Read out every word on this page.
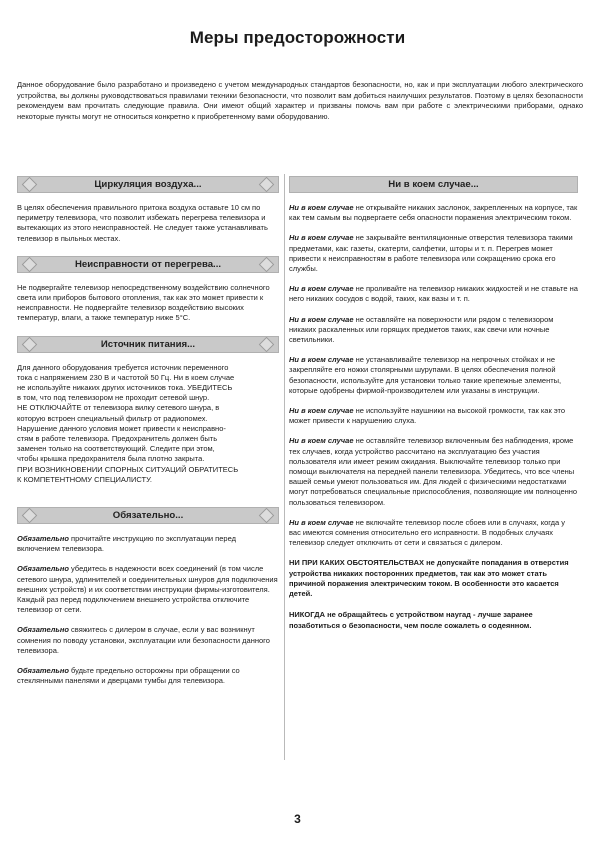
Меры предосторожности
Данное оборудование было разработано и произведено с учетом международных стандартов безопасности, но, как и при эксплуатации любого электрического устройства, вы должны руководствоваться правилами техники безопасности, что позволит вам добиться наилучших результатов. Поэтому в целях безопасности рекомендуем вам прочитать следующие правила. Они имеют общий характер и призваны помочь вам при работе с электрическими приборами, однако некоторые пункты могут не относиться конкретно к приобретенному вами оборудованию.
Циркуляция воздуха...
В целях обеспечения правильного притока воздуха оставьте 10 см по периметру телевизора, что позволит избежать перегрева телевизора и вытекающих из этого неисправностей. Не следует также устанавливать телевизор в пыльных местах.
Неисправности от перегрева...
Не подвергайте телевизор непосредственному воздействию солнечного света или приборов бытового отопления, так как это может привести к неисправности. Не подвергайте телевизор воздействию высоких температур, влаги, а также температур ниже 5°C.
Источник питания...
Для данного оборудования требуется источник переменного
тока с напряжением 230 В и частотой 50 Гц. Ни в коем случае
не используйте никаких других источников тока. УБЕДИТЕСЬ
в том, что под телевизором не проходит сетевой шнур.
НЕ ОТКЛЮЧАЙТЕ от телевизора вилку сетевого шнура, в
которую встроен специальный фильтр от радиопомех.
Нарушение данного условия может привести к неисправно-
стям в работе телевизора. Предохранитель должен быть
заменен только на соответствующий. Следите при этом,
чтобы крышка предохранителя была плотно закрыта.
ПРИ ВОЗНИКНОВЕНИИ СПОРНЫХ СИТУАЦИЙ ОБРАТИТЕСЬ
К КОМПЕТЕНТНОМУ СПЕЦИАЛИСТУ.
Обязательно...
Обязательно прочитайте инструкцию по эксплуатации перед включением телевизора.
Обязательно убедитесь в надежности всех соединений (в том числе сетевого шнура, удлинителей и соединительных шнуров для подключения внешних устройств) и их соответствии инструкции фирмы-изготовителя. Каждый раз перед подключением внешнего устройства отключите телевизор от сети.
Обязательно свяжитесь с дилером в случае, если у вас возникнут сомнения по поводу установки, эксплуатации или безопасности данного телевизора.
Обязательно будьте предельно осторожны при обращении со стеклянными панелями и дверцами тумбы для телевизора.
Ни в коем случае...
Ни в коем случае не открывайте никаких заслонок, закрепленных на корпусе, так как тем самым вы подвергаете себя опасности поражения электрическим током.
Ни в коем случае не закрывайте вентиляционные отверстия телевизора такими предметами, как: газеты, скатерти, салфетки, шторы и т. п. Перегрев может привести к неисправностям в работе телевизора или сокращению срока его службы.
Ни в коем случае не проливайте на телевизор никаких жидкостей и не ставьте на него никаких сосудов с водой, таких, как вазы и т. п.
Ни в коем случае не оставляйте на поверхности или рядом с телевизором никаких раскаленных или горящих предметов таких, как свечи или ночные светильники.
Ни в коем случае не устанавливайте телевизор на непрочных стойках и не закрепляйте его ножки столярными шурупами. В целях обеспечения полной безопасности, используйте для установки только такие крепежные элементы, которые одобрены фирмой-производителем или указаны в инструкции.
Ни в коем случае не используйте наушники на высокой громкости, так как это может привести к нарушению слуха.
Ни в коем случае не оставляйте телевизор включенным без наблюдения, кроме тех случаев, когда устройство рассчитано на эксплуатацию без участия пользователя или имеет режим ожидания. Выключайте телевизор только при помощи выключателя на передней панели телевизора. Убедитесь, что все члены вашей семьи умеют пользоваться им. Для людей с физическими недостатками могут потребоваться специальные приспособления, позволяющие им полноценно пользоваться телевизором.
Ни в коем случае не включайте телевизор после сбоев или в случаях, когда у вас имеются сомнения относительно его исправности. В подобных случаях телевизор следует отключить от сети и связаться с дилером.
НИ ПРИ КАКИХ ОБСТОЯТЕЛЬСТВАХ не допускайте попадания в отверстия устройства никаких посторонних предметов, так как это может стать причиной поражения электрическим током. В особенности это касается детей.
НИКОГДА не обращайтесь с устройством наугад - лучше заранее позаботиться о безопасности, чем после сожалеть о содеянном.
3
